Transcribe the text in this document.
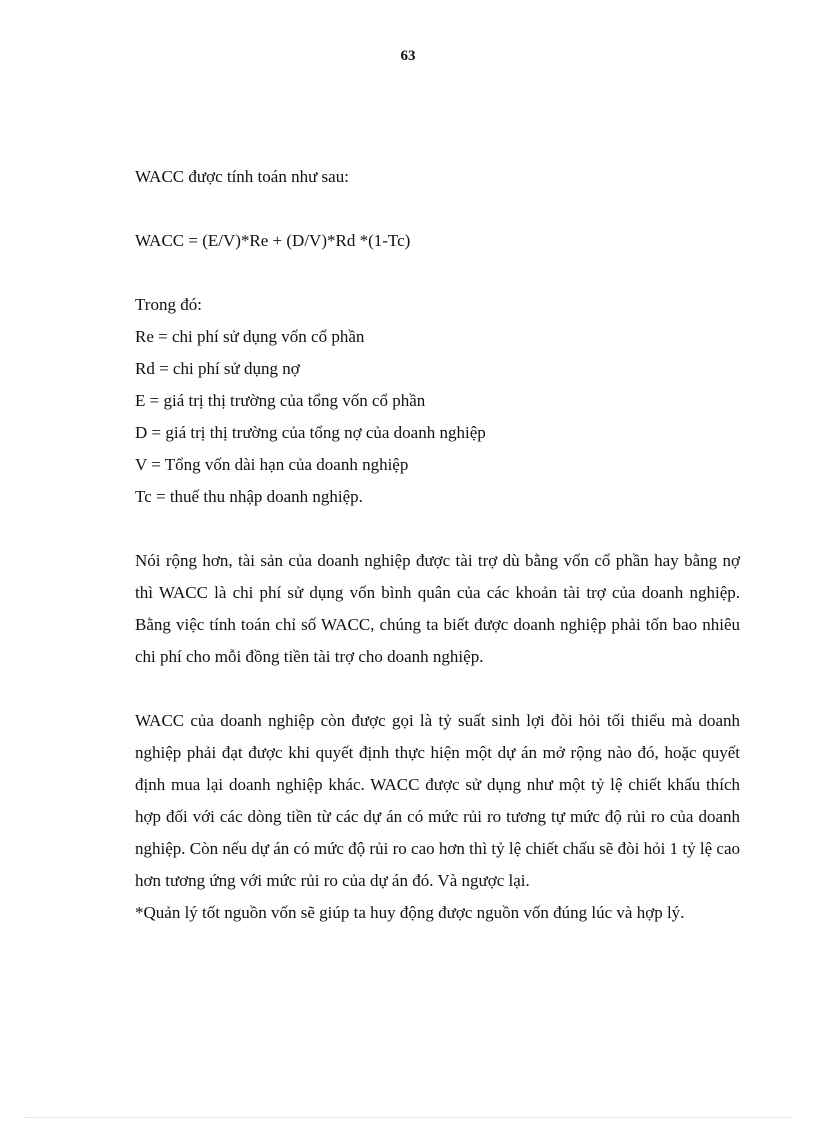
63

WACC được tính toán như sau:

WACC = (E/V)*Re + (D/V)*Rd *(1-Tc)

Trong đó:

Re = chi phí sử dụng vốn cổ phần

Rd = chi phí sử dụng nợ

E = giá trị thị trường của tổng vốn cổ phần

D = giá trị thị trường của tổng nợ của doanh nghiệp

V = Tổng vốn dài hạn của doanh nghiệp

Tc = thuế thu nhập doanh nghiệp.

Nói rộng hơn, tài sản của doanh nghiệp được tài trợ dù bằng vốn cổ phần hay bằng nợ thì WACC là chi phí sử dụng vốn bình quân của các khoản tài trợ của doanh nghiệp. Bằng việc tính toán chỉ số WACC, chúng ta biết được doanh nghiệp phải tốn bao nhiêu chi phí cho mỗi đồng tiền tài trợ cho doanh nghiệp.

WACC của doanh nghiệp còn được gọi là tỷ suất sinh lợi đòi hỏi tối thiểu mà doanh nghiệp phải đạt được khi quyết định thực hiện một dự án mở rộng nào đó, hoặc quyết định mua lại doanh nghiệp khác. WACC được sử dụng như một tỷ lệ chiết khấu thích hợp đối với các dòng tiền từ các dự án có mức rủi ro tương tự mức độ rủi ro của doanh nghiệp. Còn nếu dự án có mức độ rủi ro cao hơn thì tỷ lệ chiết chấu sẽ đòi hỏi 1 tỷ lệ cao hơn tương ứng với mức rủi ro của dự án đó. Và ngược lại.

*Quản lý tốt nguồn vốn sẽ giúp ta huy động được nguồn vốn đúng lúc và hợp lý.
